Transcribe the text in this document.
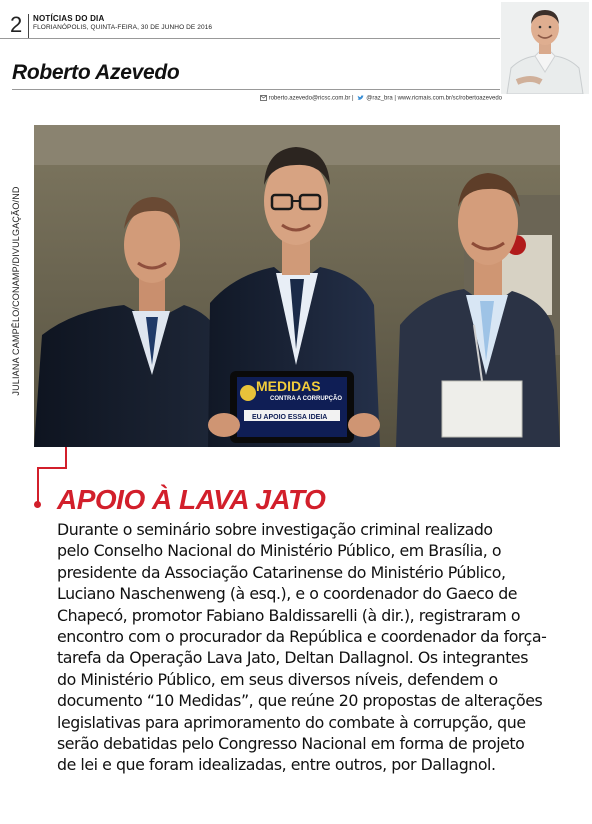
2 NOTÍCIAS DO DIA
FLORIANÓPOLIS, QUINTA-FEIRA, 30 DE JUNHO DE 2016
Roberto Azevedo
roberto.azevedo@ricsc.com.br | @raz_bra | www.ricmais.com.br/sc/robertoazevedo
JULIANA CAMPÊLO/CONAMP/DIVULGAÇÃO/ND	MEDIDAS
CONTRA A CORRUPÇÃO
EU APOIO ESSA IDEIA
APOIO À LAVA JATO
Durante o seminário sobre investigação criminal realizado
pelo Conselho Nacional do Ministério Público, em Brasília, o
presidente da Associação Catarinense do Ministério Público,
Luciano Naschenweng (à esq.), e o coordenador do Gaeco de
Chapecó, promotor Fabiano Baldissarelli (à dir.), registraram o
encontro com o procurador da República e coordenador da força-
tarefa da Operação Lava Jato, Deltan Dallagnol. Os integrantes
do Ministério Público, em seus diversos níveis, defendem o
documento “10 Medidas”, que reúne 20 propostas de alterações
legislativas para aprimoramento do combate à corrupção, que
serão debatidas pelo Congresso Nacional em forma de projeto
de lei e que foram idealizadas, entre outros, por Dallagnol.
